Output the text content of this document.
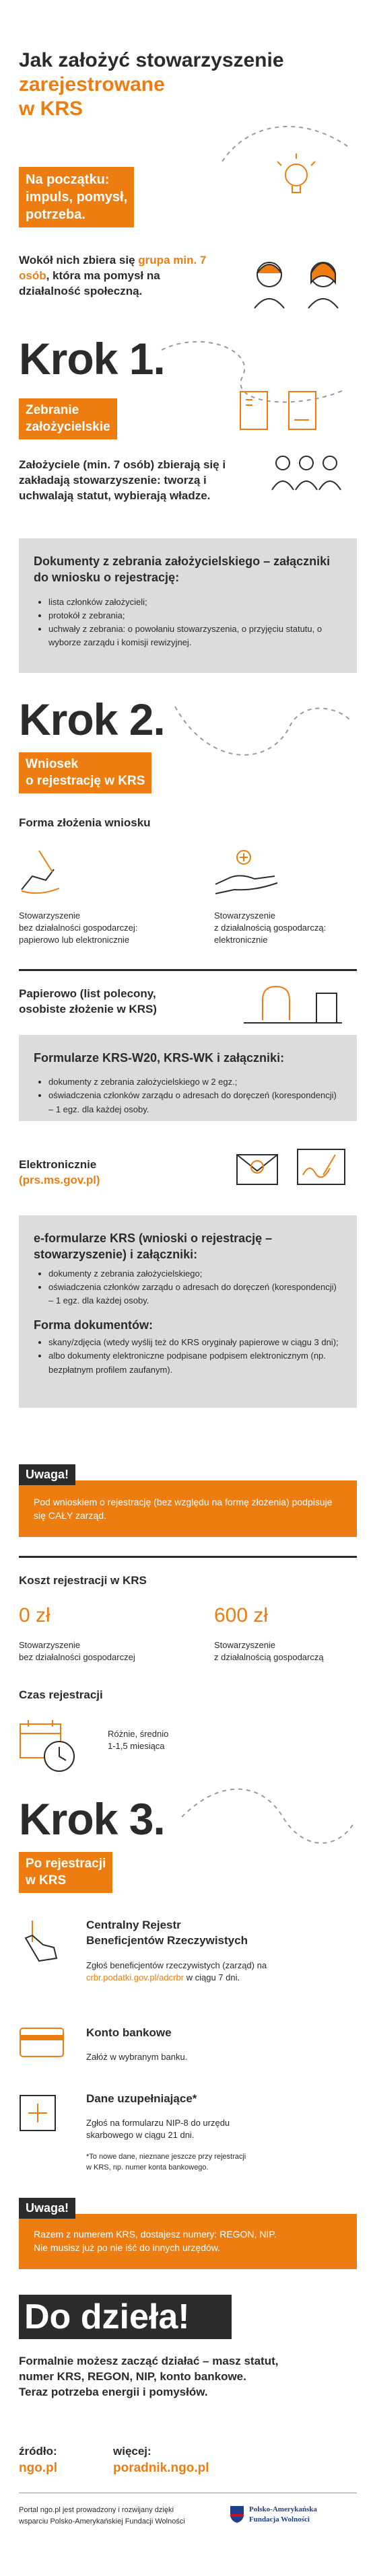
Jak założyć stowarzyszenie
zarejestrowane
w KRS
Na początku:
impuls, pomysł,
potrzeba.
Wokół nich zbiera się grupa min. 7 osób, która ma pomysł na działalność społeczną.
Krok 1.
Zebranie
założycielskie
Założyciele (min. 7 osób) zbierają się i zakładają stowarzyszenie: tworzą i uchwalają statut, wybierają władze.
Dokumenty z zebrania założycielskiego – załączniki do wniosku o rejestrację:
• lista członków założycieli;
• protokół z zebrania;
• uchwały z zebrania: o powołaniu stowarzyszenia, o przyjęciu statutu, o wyborze zarządu i komisji rewizyjnej.
Krok 2.
Wniosek
o rejestrację w KRS
Forma złożenia wniosku
Stowarzyszenie
bez działalności gospodarczej:
papierowo lub elektronicznie
Stowarzyszenie
z działalnością gospodarczą:
elektronicznie
Papierowo (list polecony,
osobiste złożenie w KRS)
Formularze KRS-W20, KRS-WK i załączniki:
• dokumenty z zebrania założycielskiego w 2 egz.;
• oświadczenia członków zarządu o adresach do doręczeń (korespondencji) – 1 egz. dla każdej osoby.
Elektronicznie
(prs.ms.gov.pl)
e-formularze KRS (wnioski o rejestrację – stowarzyszenie) i załączniki:
• dokumenty z zebrania założycielskiego;
• oświadczenia członków zarządu o adresach do doręczeń (korespondencji) – 1 egz. dla każdej osoby.
Forma dokumentów:
• skany/zdjęcia (wtedy wyślij też do KRS oryginały papierowe w ciągu 3 dni);
• albo dokumenty elektroniczne podpisane podpisem elektronicznym (np. bezpłatnym profilem zaufanym).
Pod wnioskiem o rejestrację (bez względu na formę złożenia) podpisuje się CAŁY zarząd.
Uwaga!
Koszt rejestracji w KRS
0 zł	600 zł
Stowarzyszenie
bez działalności gospodarczej
Stowarzyszenie
z działalnością gospodarczą
Czas rejestracji
Różnie, średnio
1-1,5 miesiąca
Krok 3.
Po rejestracji
w KRS
Centralny Rejestr
Beneficjentów Rzeczywistych
Zgłoś beneficjentów rzeczywistych (zarząd) na crbr.podatki.gov.pl/adcrbr w ciągu 7 dni.
Konto bankowe
Załóż w wybranym banku.
Dane uzupełniające*
Zgłoś na formularzu NIP-8 do urzędu
skarbowego w ciągu 21 dni.
*To nowe dane, nieznane jeszcze przy rejestracji
w KRS, np. numer konta bankowego.
Razem z numerem KRS, dostajesz numery: REGON, NIP.
Nie musisz już po nie iść do innych urzędów.
Uwaga!
Do dzieła!
Formalnie możesz zacząć działać – masz statut,
numer KRS, REGON, NIP, konto bankowe.
Teraz potrzeba energii i pomysłów.
źródło:
ngo.pl
więcej:
poradnik.ngo.pl
Portal ngo.pl jest prowadzony i rozwijany dzięki
wsparciu Polsko-Amerykańskiej Fundacji Wolności
Polsko-Amerykańska
Fundacja Wolności
